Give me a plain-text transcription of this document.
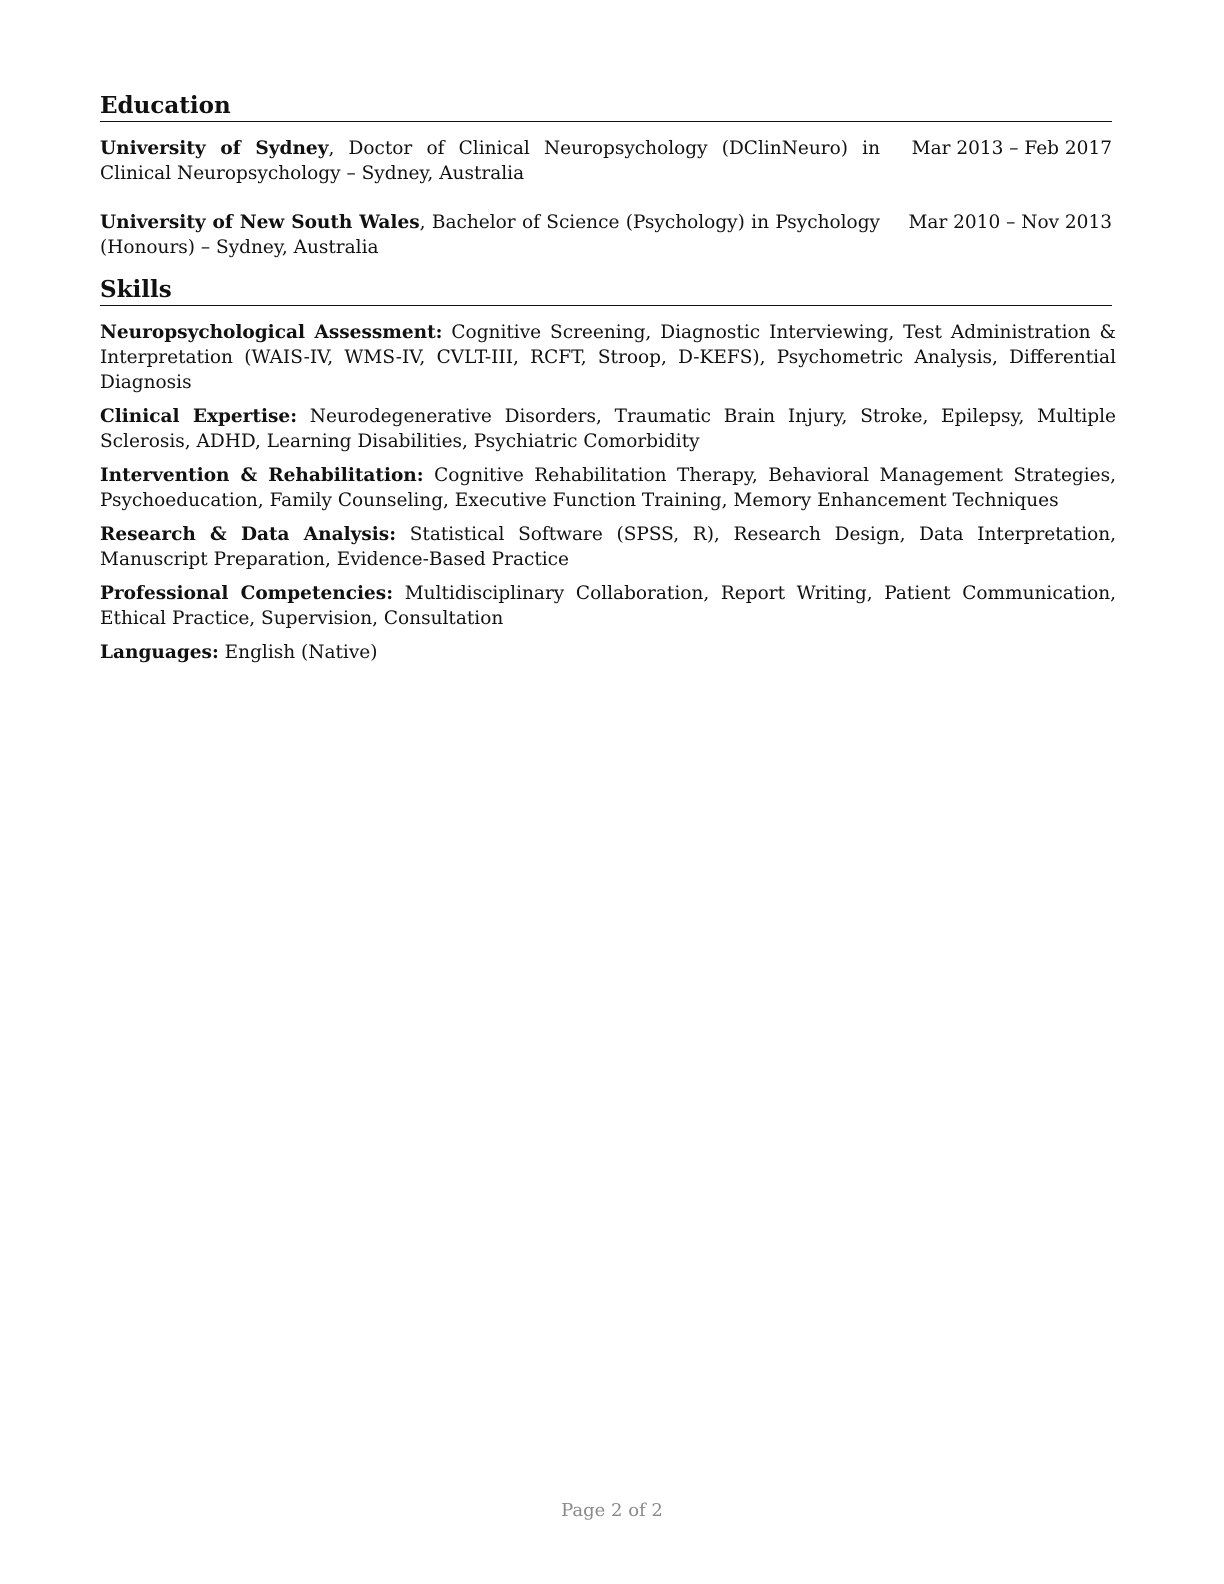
Education
University of Sydney, Doctor of Clinical Neuropsychology (DClinNeuro) in Clinical Neuropsychology – Sydney, Australia
Mar 2013 – Feb 2017
University of New South Wales, Bachelor of Science (Psychology) in Psychology (Honours) – Sydney, Australia
Mar 2010 – Nov 2013
Skills
Neuropsychological Assessment: Cognitive Screening, Diagnostic Interviewing, Test Administration & Interpretation (WAIS-IV, WMS-IV, CVLT-III, RCFT, Stroop, D-KEFS), Psychometric Analysis, Differential Diagnosis
Clinical Expertise: Neurodegenerative Disorders, Traumatic Brain Injury, Stroke, Epilepsy, Multiple Sclerosis, ADHD, Learning Disabilities, Psychiatric Comorbidity
Intervention & Rehabilitation: Cognitive Rehabilitation Therapy, Behavioral Management Strategies, Psychoeducation, Family Counseling, Executive Function Training, Memory Enhancement Techniques
Research & Data Analysis: Statistical Software (SPSS, R), Research Design, Data Interpretation, Manuscript Preparation, Evidence-Based Practice
Professional Competencies: Multidisciplinary Collaboration, Report Writing, Patient Communication, Ethical Practice, Supervision, Consultation
Languages: English (Native)
Page 2 of 2
